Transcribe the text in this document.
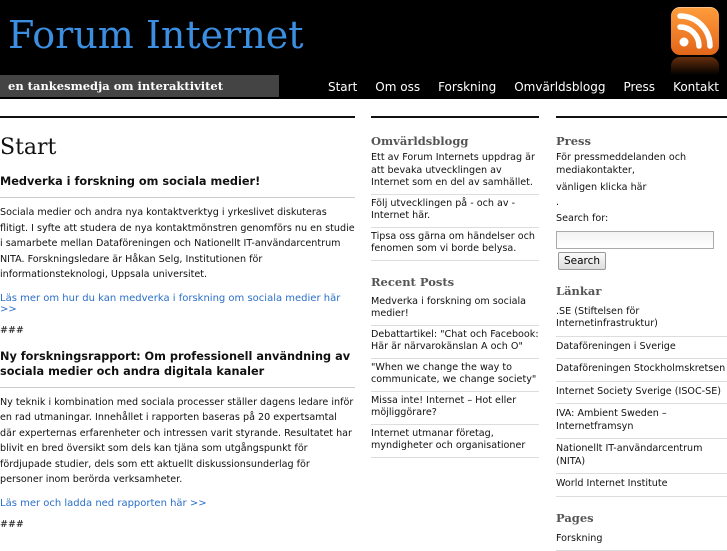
Forum Internet
en tankesmedja om interaktivitet	Start Om oss Forskning Omvärldsblogg Press Kontakt
Start
Medverka i forskning om sociala medier!
Sociala medier och andra nya kontaktverktyg i yrkeslivet diskuteras flitigt. I syfte att studera de nya kontaktmönstren genomförs nu en studie i samarbete mellan Dataföreningen och Nationellt IT-användarcentrum NITA. Forskningsledare är Håkan Selg, Institutionen för informationsteknologi, Uppsala universitet.
Läs mer om hur du kan medverka i forskning om sociala medier här >>
###
Ny forskningsrapport: Om professionell användning av sociala medier och andra digitala kanaler
Ny teknik i kombination med sociala processer ställer dagens ledare inför en rad utmaningar. Innehållet i rapporten baseras på 20 expertsamtal där experternas erfarenheter och intressen varit styrande. Resultatet har blivit en bred översikt som dels kan tjäna som utgångspunkt för fördjupade studier, dels som ett aktuellt diskussionsunderlag för personer inom berörda verksamheter.
Läs mer och ladda ned rapporten här >>
###
Omvärldsblogg
Ett av Forum Internets uppdrag är att bevaka utvecklingen av Internet som en del av samhället.
Följ utvecklingen på - och av - Internet här.
Tipsa oss gärna om händelser och fenomen som vi borde belysa.
Recent Posts
Medverka i forskning om sociala medier!
Debattartikel: "Chat och Facebook: Här är närvarokänslan A och O"
"When we change the way to communicate, we change society"
Missa inte! Internet – Hot eller möjliggörare?
Internet utmanar företag, myndigheter och organisationer
Press
För pressmeddelanden och mediakontakter,
vänligen klicka här
.
Search for:
Search
Länkar
.SE (Stiftelsen för Internetinfrastruktur)
Dataföreningen i Sverige
Dataföreningen Stockholmskretsen
Internet Society Sverige (ISOC-SE)
IVA: Ambient Sweden – Internetframsyn
Nationellt IT-användarcentrum (NITA)
World Internet Institute
Pages
Forskning
